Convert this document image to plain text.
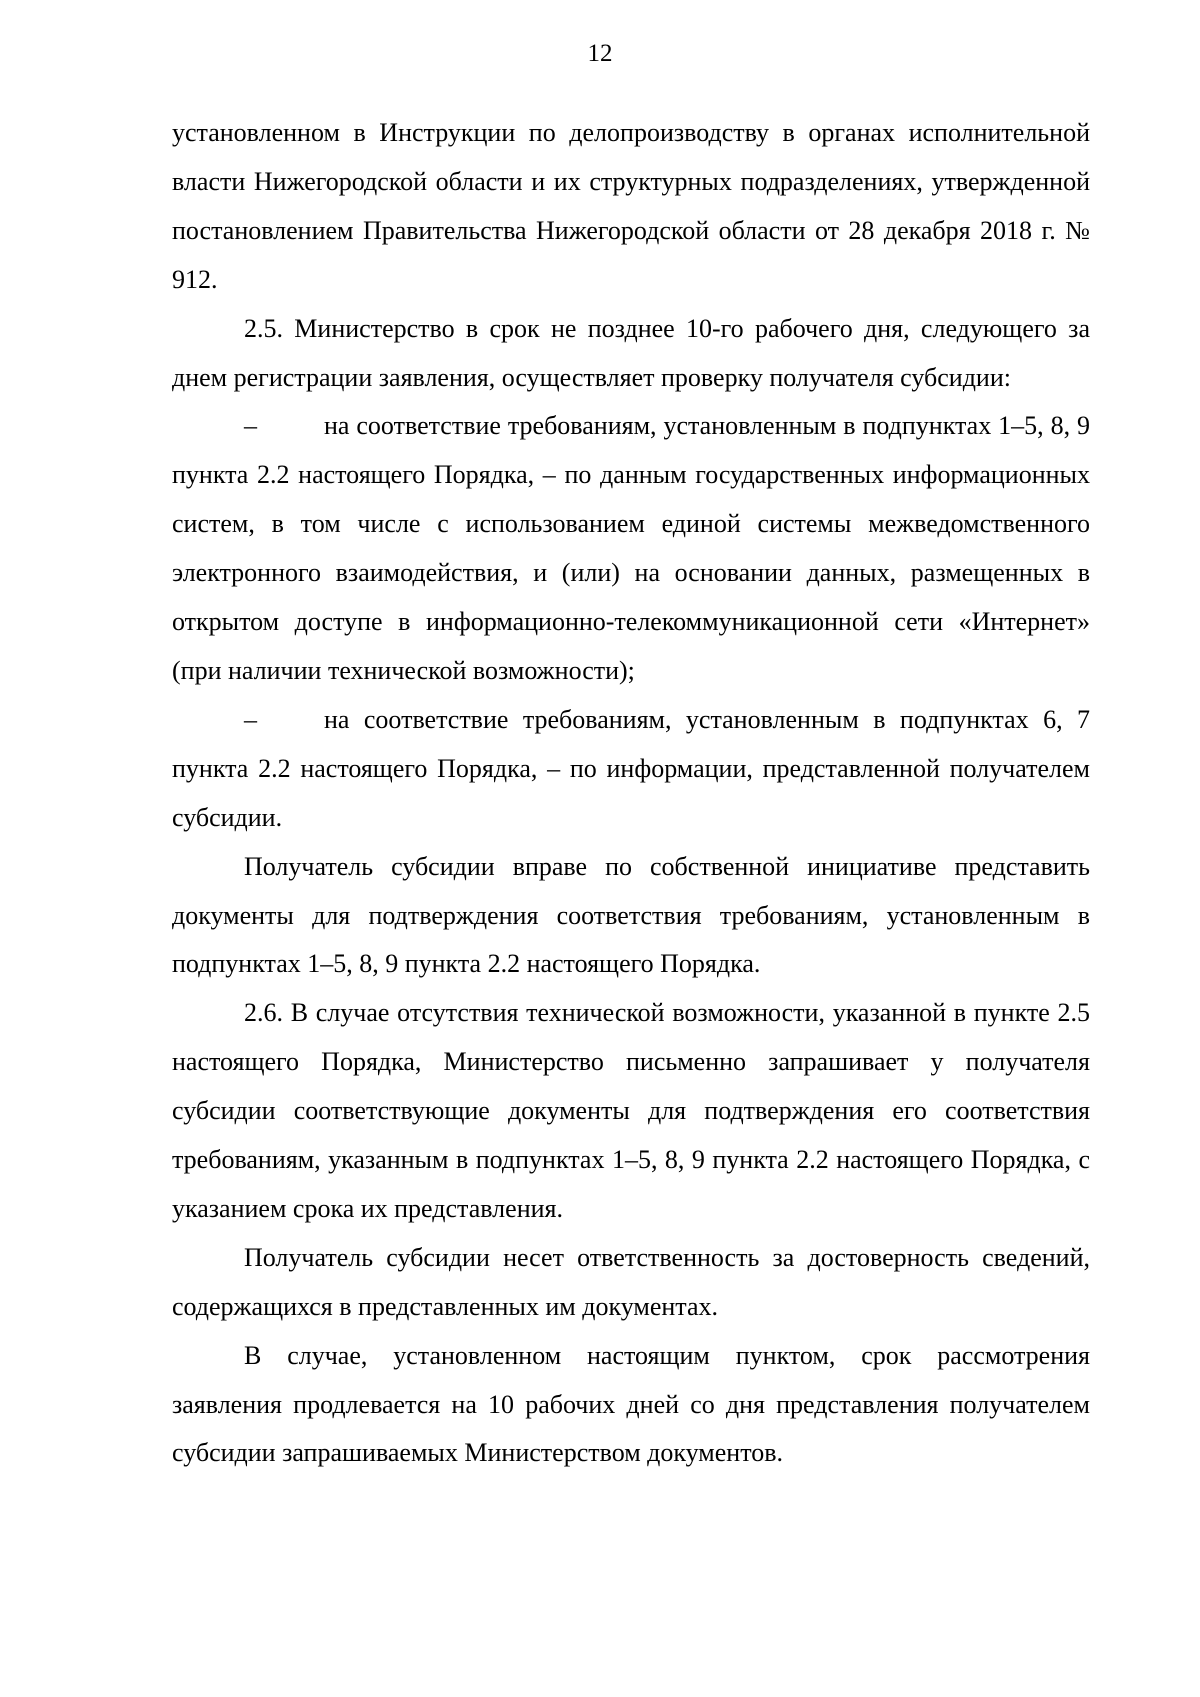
12

установленном в Инструкции по делопроизводству в органах исполнительной власти Нижегородской области и их структурных подразделениях, утвержденной постановлением Правительства Нижегородской области от 28 декабря 2018 г. № 912.

2.5. Министерство в срок не позднее 10-го рабочего дня, следующего за днем регистрации заявления, осуществляет проверку получателя субсидии:

–	на соответствие требованиям, установленным в подпунктах 1–5, 8, 9 пункта 2.2 настоящего Порядка, – по данным государственных информационных систем, в том числе с использованием единой системы межведомственного электронного взаимодействия, и (или) на основании данных, размещенных в открытом доступе в информационно-телекоммуникационной сети «Интернет» (при наличии технической возможности);

–	на соответствие требованиям, установленным в подпунктах 6, 7 пункта 2.2 настоящего Порядка, – по информации, представленной получателем субсидии.

Получатель субсидии вправе по собственной инициативе представить документы для подтверждения соответствия требованиям, установленным в подпунктах 1–5, 8, 9 пункта 2.2 настоящего Порядка.

2.6. В случае отсутствия технической возможности, указанной в пункте 2.5 настоящего Порядка, Министерство письменно запрашивает у получателя субсидии соответствующие документы для подтверждения его соответствия требованиям, указанным в подпунктах 1–5, 8, 9 пункта 2.2 настоящего Порядка, с указанием срока их представления.

Получатель субсидии несет ответственность за достоверность сведений, содержащихся в представленных им документах.

В случае, установленном настоящим пунктом, срок рассмотрения заявления продлевается на 10 рабочих дней со дня представления получателем субсидии запрашиваемых Министерством документов.
